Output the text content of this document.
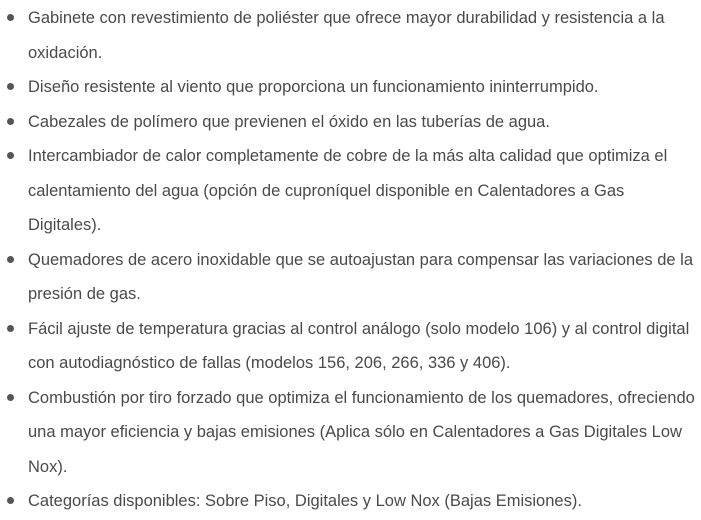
Gabinete con revestimiento de poliéster que ofrece mayor durabilidad y resistencia a la oxidación.
Diseño resistente al viento que proporciona un funcionamiento ininterrumpido.
Cabezales de polímero que previenen el óxido en las tuberías de agua.
Intercambiador de calor completamente de cobre de la más alta calidad que optimiza el calentamiento del agua (opción de cuproníquel disponible en Calentadores a Gas Digitales).
Quemadores de acero inoxidable que se autoajustan para compensar las variaciones de la presión de gas.
Fácil ajuste de temperatura gracias al control análogo (solo modelo 106) y al control digital con autodiagnóstico de fallas (modelos 156, 206, 266, 336 y 406).
Combustión por tiro forzado que optimiza el funcionamiento de los quemadores, ofreciendo una mayor eficiencia y bajas emisiones (Aplica sólo en Calentadores a Gas Digitales Low Nox).
Categorías disponibles: Sobre Piso, Digitales y Low Nox (Bajas Emisiones).
